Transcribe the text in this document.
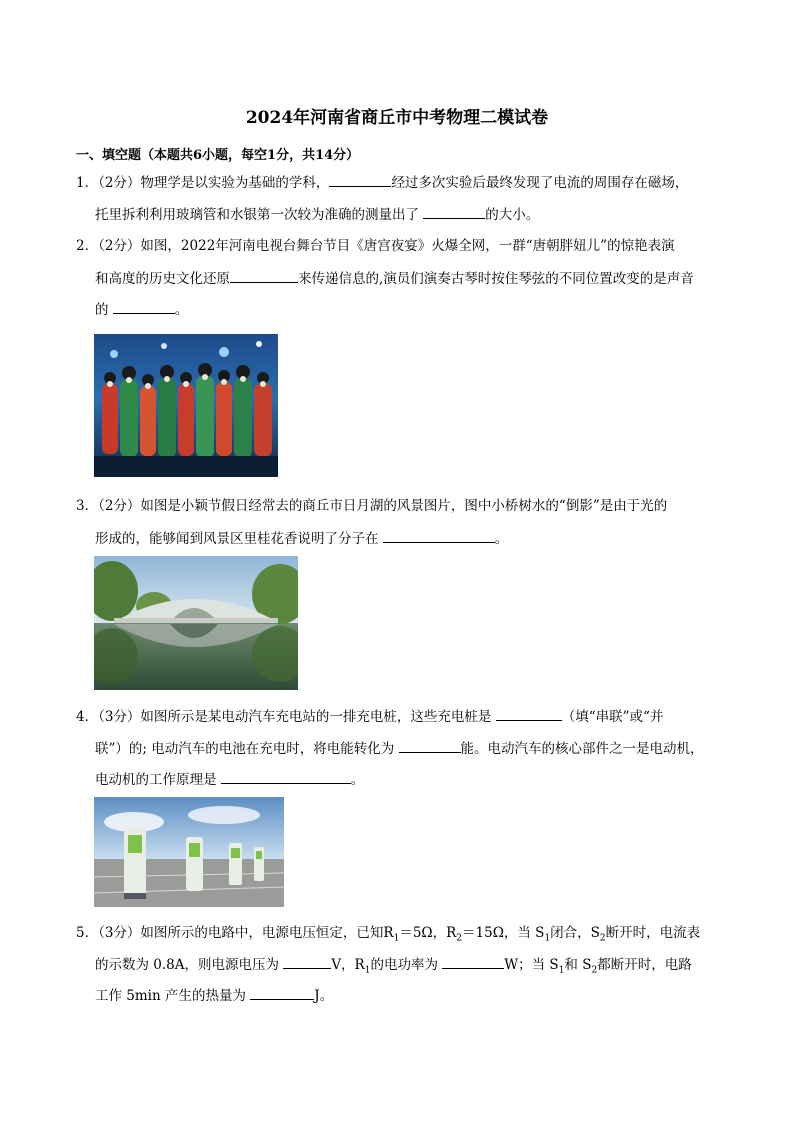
2024年河南省商丘市中考物理二模试卷
一、填空题（本题共6小题，每空1分，共14分）
1．（2分）物理学是以实验为基础的学科，	经过多次实验后最终发现了电流的周围存在磁场，
托里拆利利用玻璃管和水银第一次较为准确的测量出了	的大小。
2．（2分）如图，2022年河南电视台舞台节目《唐宫夜宴》火爆全网，一群“唐朝胖妞儿”的惊艳表演
和高度的历史文化还原	来传递信息的,演员们演奏古琴时按住琴弦的不同位置改变的是声音
的	。
3．（2分）如图是小颖节假日经常去的商丘市日月湖的风景图片，图中小桥树水的“倒影”是由于光的
形成的，能够闻到风景区里桂花香说明了分子在	。
4．（3分）如图所示是某电动汽车充电站的一排充电桩，这些充电桩是	（填“串联”或“并
联”）的; 电动汽车的电池在充电时，将电能转化为	能。电动汽车的核心部件之一是电动机，
电动机的工作原理是	。
5．（3分）如图所示的电路中，电源电压恒定，已知$R_1=5\Omega$，$R_2=15\Omega$，当 $S_1$闭合，$S_2$断开时，电流表
的示数为 0.8A，则电源电压为	V，$R_1$的电功率为	W；当 $S_1$和 $S_2$都断开时，电路
工作 5min 产生的热量为	J。
